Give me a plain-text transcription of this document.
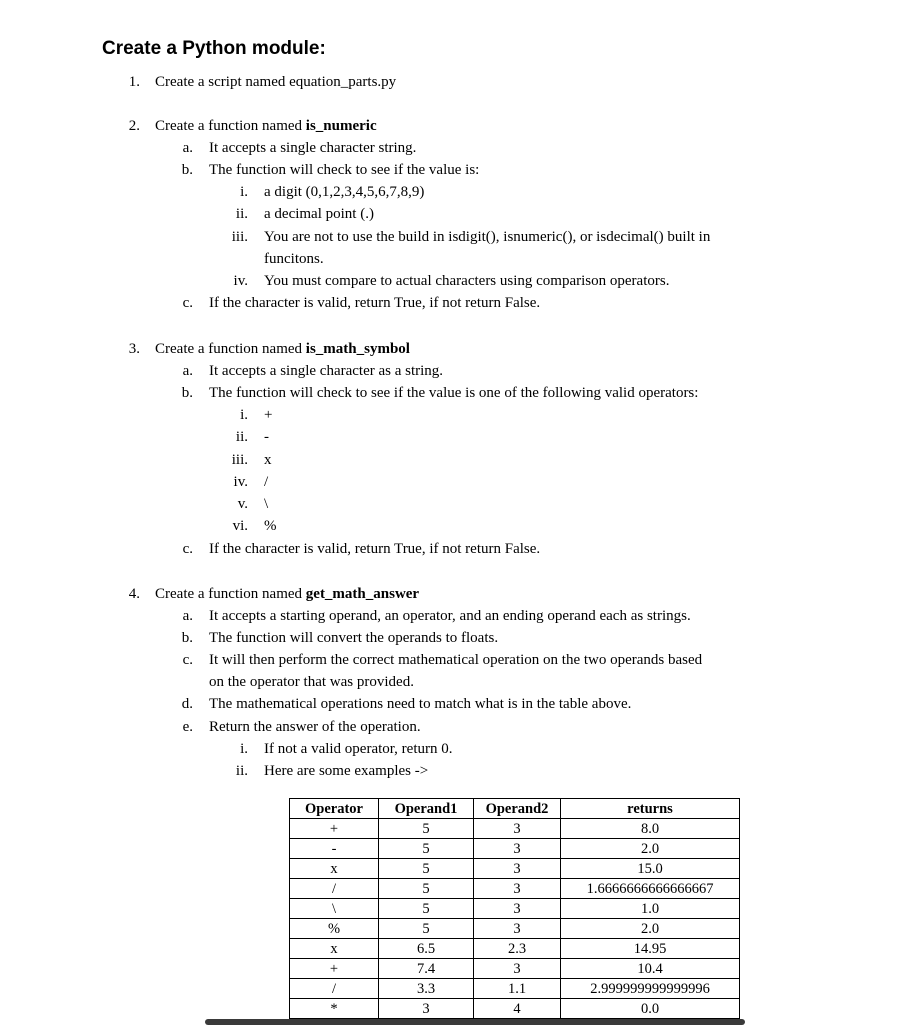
Create a Python module:
1. Create a script named equation_parts.py
2. Create a function named is_numeric
a. It accepts a single character string.
b. The function will check to see if the value is:
i. a digit (0,1,2,3,4,5,6,7,8,9)
ii. a decimal point (.)
iii. You are not to use the build in isdigit(), isnumeric(), or isdecimal() built in
funcitons.
iv. You must compare to actual characters using comparison operators.
c. If the character is valid, return True, if not return False.
3. Create a function named is_math_symbol
a. It accepts a single character as a string.
b. The function will check to see if the value is one of the following valid operators:
i. +
ii. -
iii. x
iv. /
v. \
vi. %
c. If the character is valid, return True, if not return False.
4. Create a function named get_math_answer
a. It accepts a starting operand, an operator, and an ending operand each as strings.
b. The function will convert the operands to floats.
c. It will then perform the correct mathematical operation on the two operands based
on the operator that was provided.
d. The mathematical operations need to match what is in the table above.
e. Return the answer of the operation.
i. If not a valid operator, return 0.
ii. Here are some examples ->
Operator	Operand1	Operand2	returns
+	5	3	8.0
-	5	3	2.0
x	5	3	15.0
/	5	3	1.6666666666666667
\	5	3	1.0
%	5	3	2.0
x	6.5	2.3	14.95
+	7.4	3	10.4
/	3.3	1.1	2.999999999999996
*	3	4	0.0
